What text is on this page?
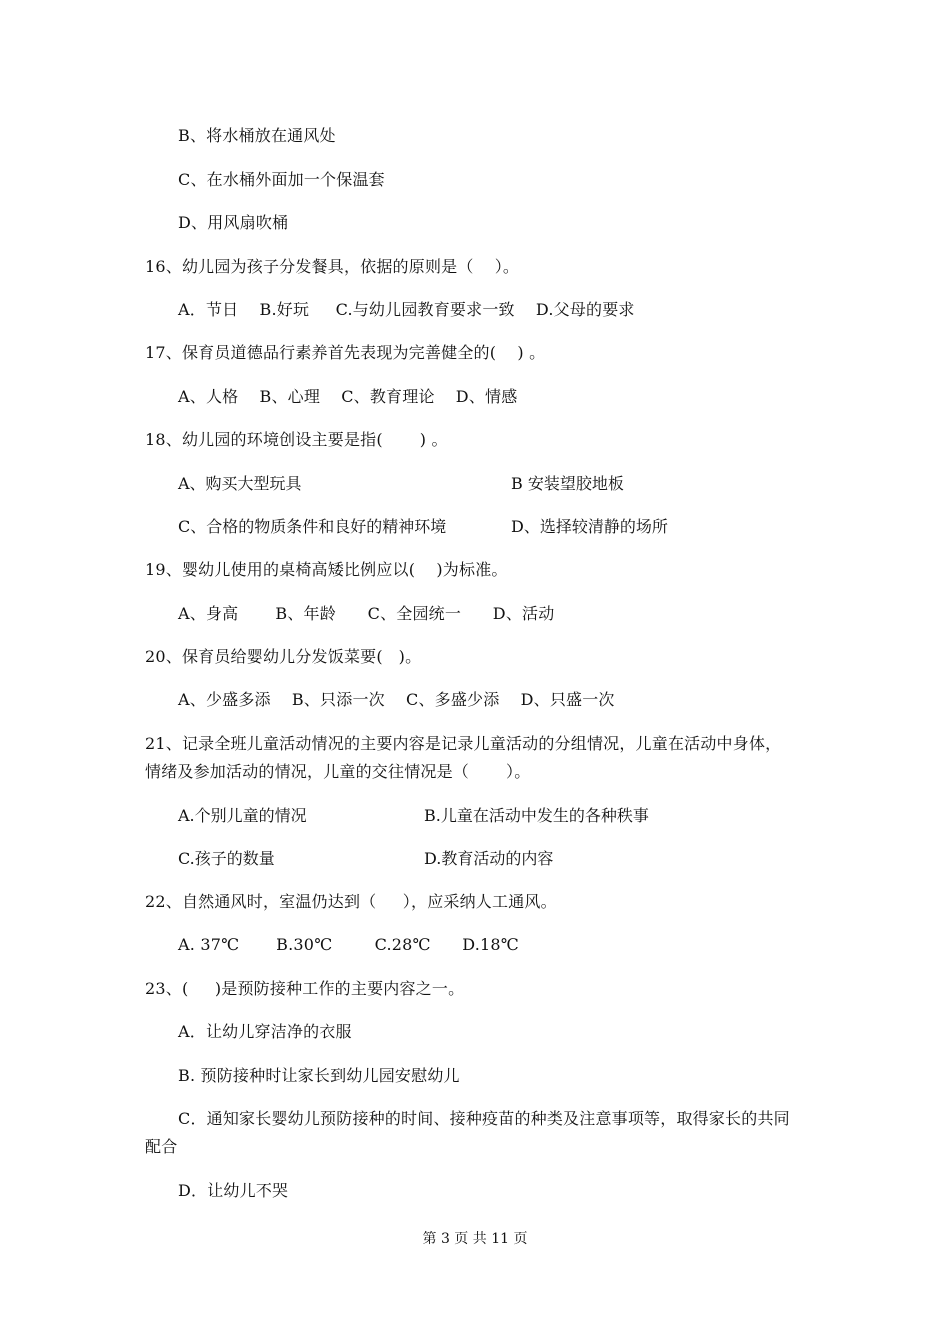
B、将水桶放在通风处
C、在水桶外面加一个保温套
D、用风扇吹桶
16、幼儿园为孩子分发餐具，依据的原则是（    ）。
A．节日    B.好玩     C.与幼儿园教育要求一致    D.父母的要求
17、保育员道德品行素养首先表现为完善健全的(    ) 。
A、人格    B、心理    C、教育理论    D、情感
18、幼儿园的环境创设主要是指(       ) 。
A、购买大型玩具	B 安装望胶地板
C、合格的物质条件和良好的精神环境	D、选择较清静的场所
19、婴幼儿使用的桌椅高矮比例应以(    )为标准。
A、身高       B、年龄      C、全园统一      D、活动
20、保育员给婴幼儿分发饭菜要(   )。
A、少盛多添    B、只添一次    C、多盛少添    D、只盛一次
21、记录全班儿童活动情况的主要内容是记录儿童活动的分组情况，儿童在活动中身体，
情绪及参加活动的情况，儿童的交往情况是（       ）。
A.个别儿童的情况	B.儿童在活动中发生的各种秩事
C.孩子的数量	D.教育活动的内容
22、自然通风时，室温仍达到（     ），应采纳人工通风。
A. 37℃       B.30℃        C.28℃      D.18℃
23、(     )是预防接种工作的主要内容之一。
A．让幼儿穿洁净的衣服
B. 预防接种时让家长到幼儿园安慰幼儿
C．通知家长婴幼儿预防接种的时间、接种疫苗的种类及注意事项等，取得家长的共同
配合
D．让幼儿不哭
第 3 页 共 11 页
